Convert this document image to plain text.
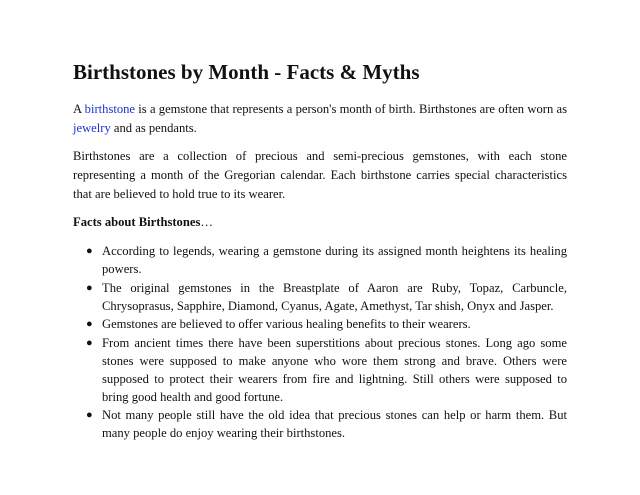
Birthstones by Month - Facts & Myths

A birthstone is a gemstone that represents a person's month of birth. Birthstones are often worn as jewelry and as pendants.

Birthstones are a collection of precious and semi-precious gemstones, with each stone representing a month of the Gregorian calendar. Each birthstone carries special characteristics that are believed to hold true to its wearer.

Facts about Birthstones…
● According to legends, wearing a gemstone during its assigned month heightens its healing powers.
● The original gemstones in the Breastplate of Aaron are Ruby, Topaz, Carbuncle, Chrysoprasus, Sapphire, Diamond, Cyanus, Agate, Amethyst, Tar shish, Onyx and Jasper.
● Gemstones are believed to offer various healing benefits to their wearers.
● From ancient times there have been superstitions about precious stones. Long ago some stones were supposed to make anyone who wore them strong and brave. Others were supposed to protect their wearers from fire and lightning. Still others were supposed to bring good health and good fortune.
● Not many people still have the old idea that precious stones can help or harm them. But many people do enjoy wearing their birthstones.
